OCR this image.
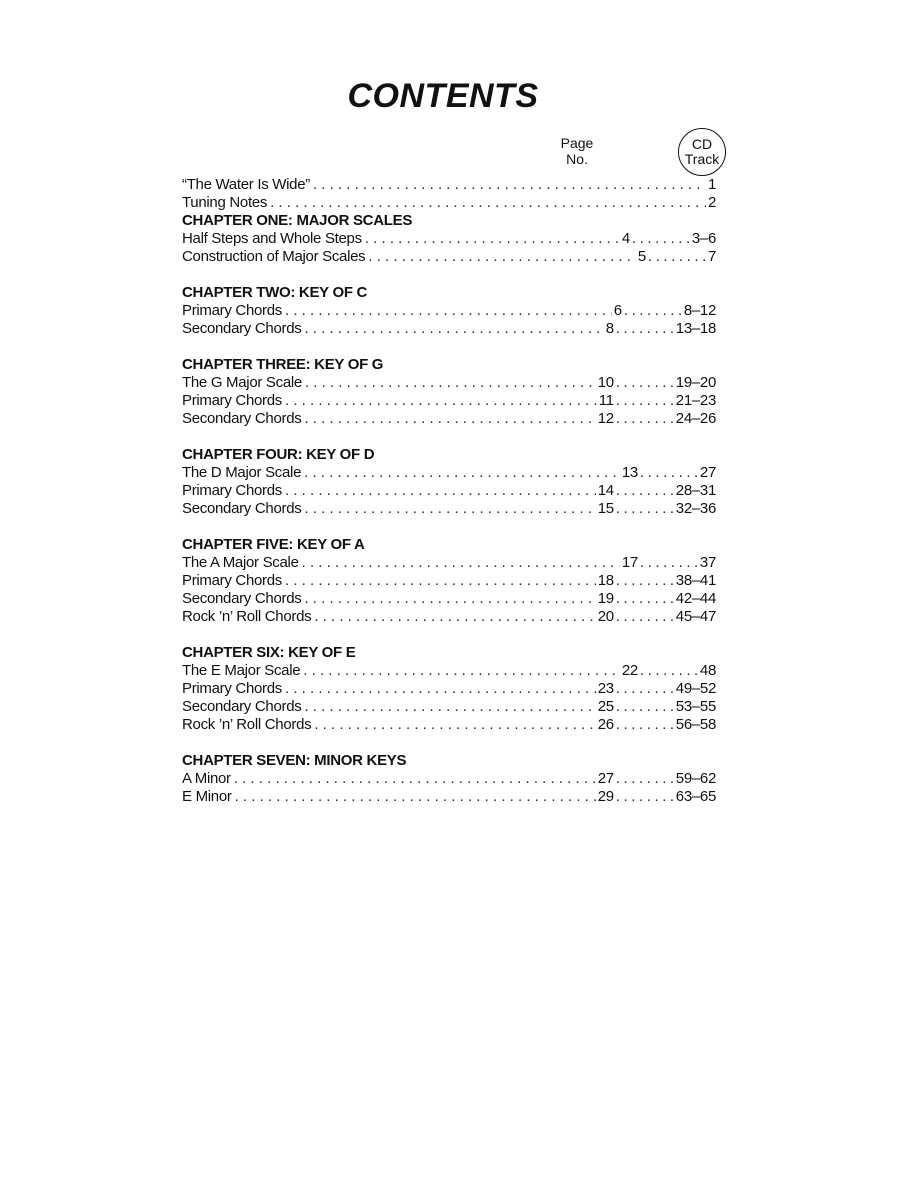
CONTENTS
Page
No.
CD
Track
“The Water Is Wide” . . .	1
Tuning Notes . . .	2
CHAPTER ONE: MAJOR SCALES
Half Steps and Whole Steps . . .	4 . . .	3–6
Construction of Major Scales . . .	5 . . .	7
CHAPTER TWO: KEY OF C
Primary Chords . . .	6 . . .	8–12
Secondary Chords . . .	8 . . .	13–18
CHAPTER THREE: KEY OF G
The G Major Scale . . .	10 . . .	19–20
Primary Chords . . .	11 . . .	21–23
Secondary Chords . . .	12 . . .	24–26
CHAPTER FOUR: KEY OF D
The D Major Scale . . .	13 . . .	27
Primary Chords . . .	14 . . .	28–31
Secondary Chords . . .	15 . . .	32–36
CHAPTER FIVE: KEY OF A
The A Major Scale . . .	17 . . .	37
Primary Chords . . .	18 . . .	38–41
Secondary Chords . . .	19 . . .	42–44
Rock ’n’ Roll Chords . . .	20 . . .	45–47
CHAPTER SIX: KEY OF E
The E Major Scale . . .	22 . . .	48
Primary Chords . . .	23 . . .	49–52
Secondary Chords . . .	25 . . .	53–55
Rock ’n’ Roll Chords . . .	26 . . .	56–58
CHAPTER SEVEN: MINOR KEYS
A Minor . . .	27 . . .	59–62
E Minor . . .	29 . . .	63–65
